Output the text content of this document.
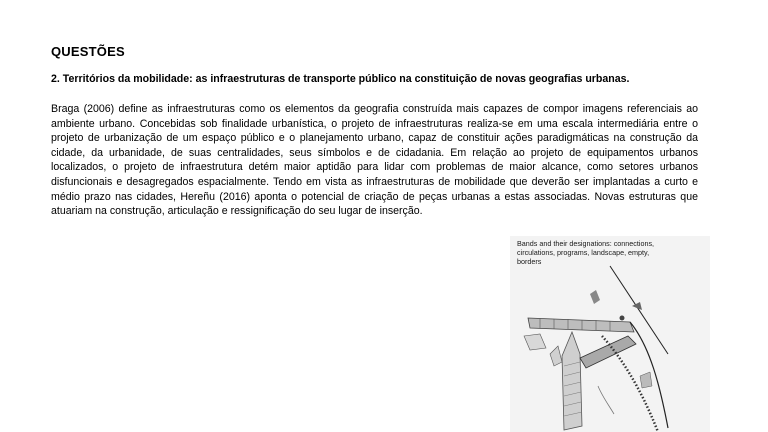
QUESTÕES
2. Territórios da mobilidade: as infraestruturas de transporte público na constituição de novas geografias urbanas.
Braga (2006) define as infraestruturas como os elementos da geografia construída mais capazes de compor imagens referenciais ao ambiente urbano. Concebidas sob finalidade urbanística, o projeto de infraestruturas realiza-se em uma escala intermediária entre o projeto de urbanização de um espaço público e o planejamento urbano, capaz de constituir ações paradigmáticas na construção da cidade, da urbanidade, de suas centralidades, seus símbolos e de cidadania. Em relação ao projeto de equipamentos urbanos localizados, o projeto de infraestrutura detém maior aptidão para lidar com problemas de maior alcance, como setores urbanos disfuncionais e desagregados espacialmente. Tendo em vista as infraestruturas de mobilidade que deverão ser implantadas a curto e médio prazo nas cidades, Hereñu (2016) aponta o potencial de criação de peças urbanas a estas associadas. Novas estruturas que atuariam na construção, articulação e ressignificação do seu lugar de inserção.
Bands and their designations: connections, circulations, programs, landscape, empty, borders
